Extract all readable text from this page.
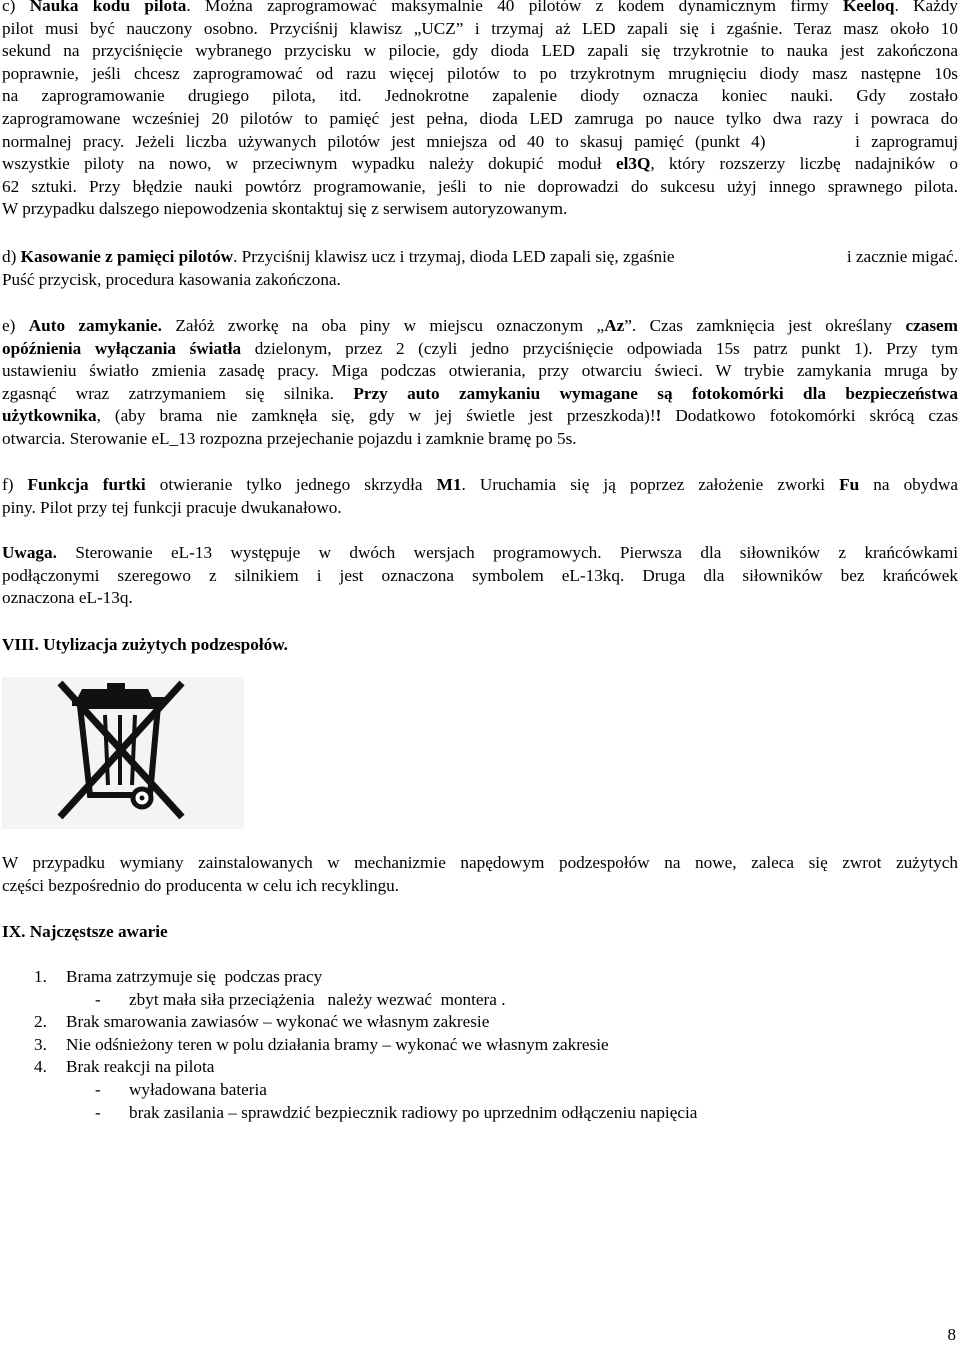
c) Nauka kodu pilota. Można zaprogramować maksymalnie 40 pilotów z kodem dynamicznym firmy Keeloq. Każdy
pilot musi być nauczony osobno. Przyciśnij klawisz „UCZ” i trzymaj aż LED zapali się i zgaśnie. Teraz masz około 10
sekund na przyciśnięcie wybranego przycisku w pilocie, gdy dioda LED zapali się trzykrotnie to nauka jest zakończona
poprawnie, jeśli chcesz zaprogramować od razu więcej pilotów to po trzykrotnym mrugnięciu diody masz następne 10s
na zaprogramowanie drugiego pilota, itd. Jednokrotne zapalenie diody oznacza koniec nauki. Gdy zostało
zaprogramowane wcześniej 20 pilotów to pamięć jest pełna, dioda LED zamruga po nauce tylko dwa razy i powraca do
normalnej pracy. Jeżeli liczba używanych pilotów jest mniejsza od 40 to skasuj pamięć (punkt 4)        i zaprogramuj
wszystkie piloty na nowo, w przeciwnym wypadku należy dokupić moduł el3Q, który rozszerzy liczbę nadajników o
62 sztuki. Przy błędzie nauki powtórz programowanie, jeśli to nie doprowadzi do sukcesu użyj innego sprawnego pilota.
W przypadku dalszego niepowodzenia skontaktuj się z serwisem autoryzowanym.
d) Kasowanie z pamięci pilotów. Przyciśnij klawisz ucz i trzymaj, dioda LED zapali się, zgaśnie	i zacznie migać.
Puść przycisk, procedura kasowania zakończona.
e) Auto zamykanie. Załóż zworkę na oba piny w miejscu oznaczonym „Az”. Czas zamknięcia jest określany czasem
opóźnienia wyłączania światła dzielonym, przez 2 (czyli jedno przyciśnięcie odpowiada 15s patrz punkt 1). Przy tym
ustawieniu światło zmienia zasadę pracy. Miga podczas otwierania, przy otwarciu świeci. W trybie zamykania mruga by
zgasnąć wraz zatrzymaniem się silnika. Przy auto zamykaniu wymagane są fotokomórki dla bezpieczeństwa
użytkownika, (aby brama nie zamknęła się, gdy w jej świetle jest przeszkoda)!! Dodatkowo fotokomórki skrócą czas
otwarcia. Sterowanie eL_13 rozpozna przejechanie pojazdu i zamknie bramę po 5s.
f) Funkcja furtki otwieranie tylko jednego skrzydła M1. Uruchamia się ją poprzez założenie zworki Fu na obydwa
piny. Pilot przy tej funkcji pracuje dwukanałowo.
Uwaga. Sterowanie eL-13 występuje w dwóch wersjach programowych. Pierwsza dla siłowników z krańcówkami
podłączonymi szeregowo z silnikiem i jest oznaczona symbolem eL-13kq. Druga dla siłowników bez krańcówek
oznaczona eL-13q.
VIII. Utylizacja zużytych podzespołów.
W przypadku wymiany zainstalowanych w mechanizmie napędowym podzespołów na nowe, zaleca się zwrot zużytych
części bezpośrednio do producenta w celu ich recyklingu.
IX. Najczęstsze awarie
1. Brama zatrzymuje się  podczas pracy
- zbyt mała siła przeciążenia   należy wezwać  montera .
2. Brak smarowania zawiasów – wykonać we własnym zakresie
3. Nie odśnieżony teren w polu działania bramy – wykonać we własnym zakresie
4. Brak reakcji na pilota
- wyładowana bateria
- brak zasilania – sprawdzić bezpiecznik radiowy po uprzednim odłączeniu napięcia
8
